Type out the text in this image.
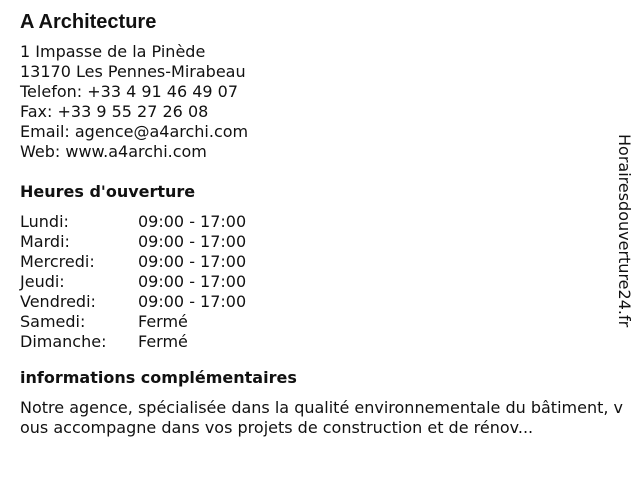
A Architecture
1 Impasse de la Pinède
13170 Les Pennes-Mirabeau
Telefon: +33 4 91 46 49 07
Fax: +33 9 55 27 26 08
Email: agence@a4archi.com
Web: www.a4archi.com
Heures d'ouverture
Lundi:	09:00 - 17:00
Mardi:	09:00 - 17:00
Mercredi:	09:00 - 17:00
Jeudi:	09:00 - 17:00
Vendredi:	09:00 - 17:00
Samedi:	Fermé
Dimanche:	Fermé
informations complémentaires
Notre agence, spécialisée dans la qualité environnementale du bâtiment, vous accompagne dans vos projets de construction et de rénov...
Horairesdouverture24.fr
